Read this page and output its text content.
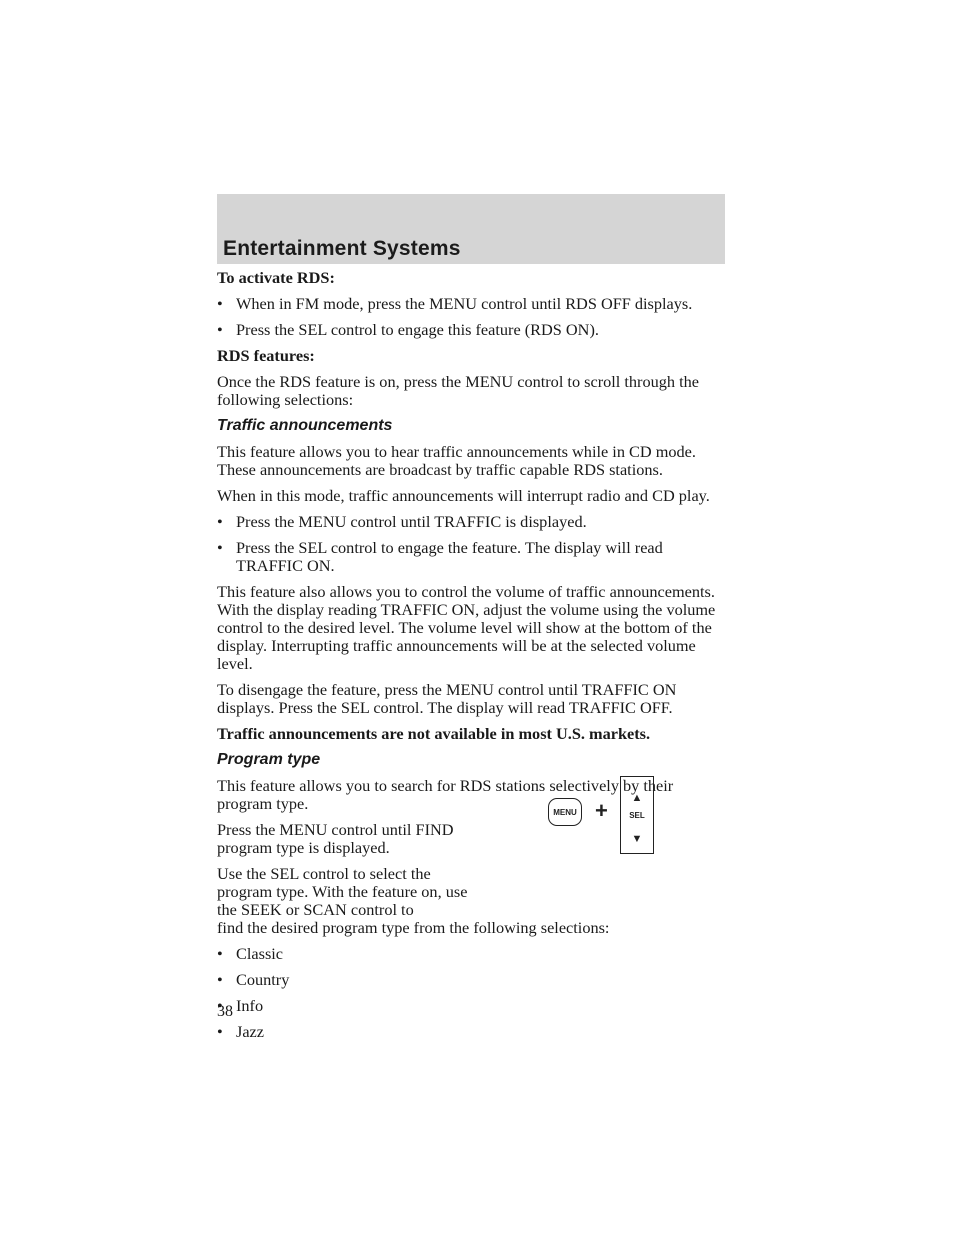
Entertainment Systems

To activate RDS:

• When in FM mode, press the MENU control until RDS OFF displays.
• Press the SEL control to engage this feature (RDS ON).

RDS features:

Once the RDS feature is on, press the MENU control to scroll through the following selections:

Traffic announcements

This feature allows you to hear traffic announcements while in CD mode. These announcements are broadcast by traffic capable RDS stations.

When in this mode, traffic announcements will interrupt radio and CD play.

• Press the MENU control until TRAFFIC is displayed.
• Press the SEL control to engage the feature. The display will read TRAFFIC ON.

This feature also allows you to control the volume of traffic announcements. With the display reading TRAFFIC ON, adjust the volume using the volume control to the desired level. The volume level will show at the bottom of the display. Interrupting traffic announcements will be at the selected volume level.

To disengage the feature, press the MENU control until TRAFFIC ON displays. Press the SEL control. The display will read TRAFFIC OFF.

Traffic announcements are not available in most U.S. markets.

Program type

This feature allows you to search for RDS stations selectively by their program type.

Press the MENU control until FIND program type is displayed.

Use the SEL control to select the program type. With the feature on, use the SEEK or SCAN control to

find the desired program type from the following selections:

• Classic
• Country
• Info
• Jazz
MENU + ▲
SEL
▼
38
